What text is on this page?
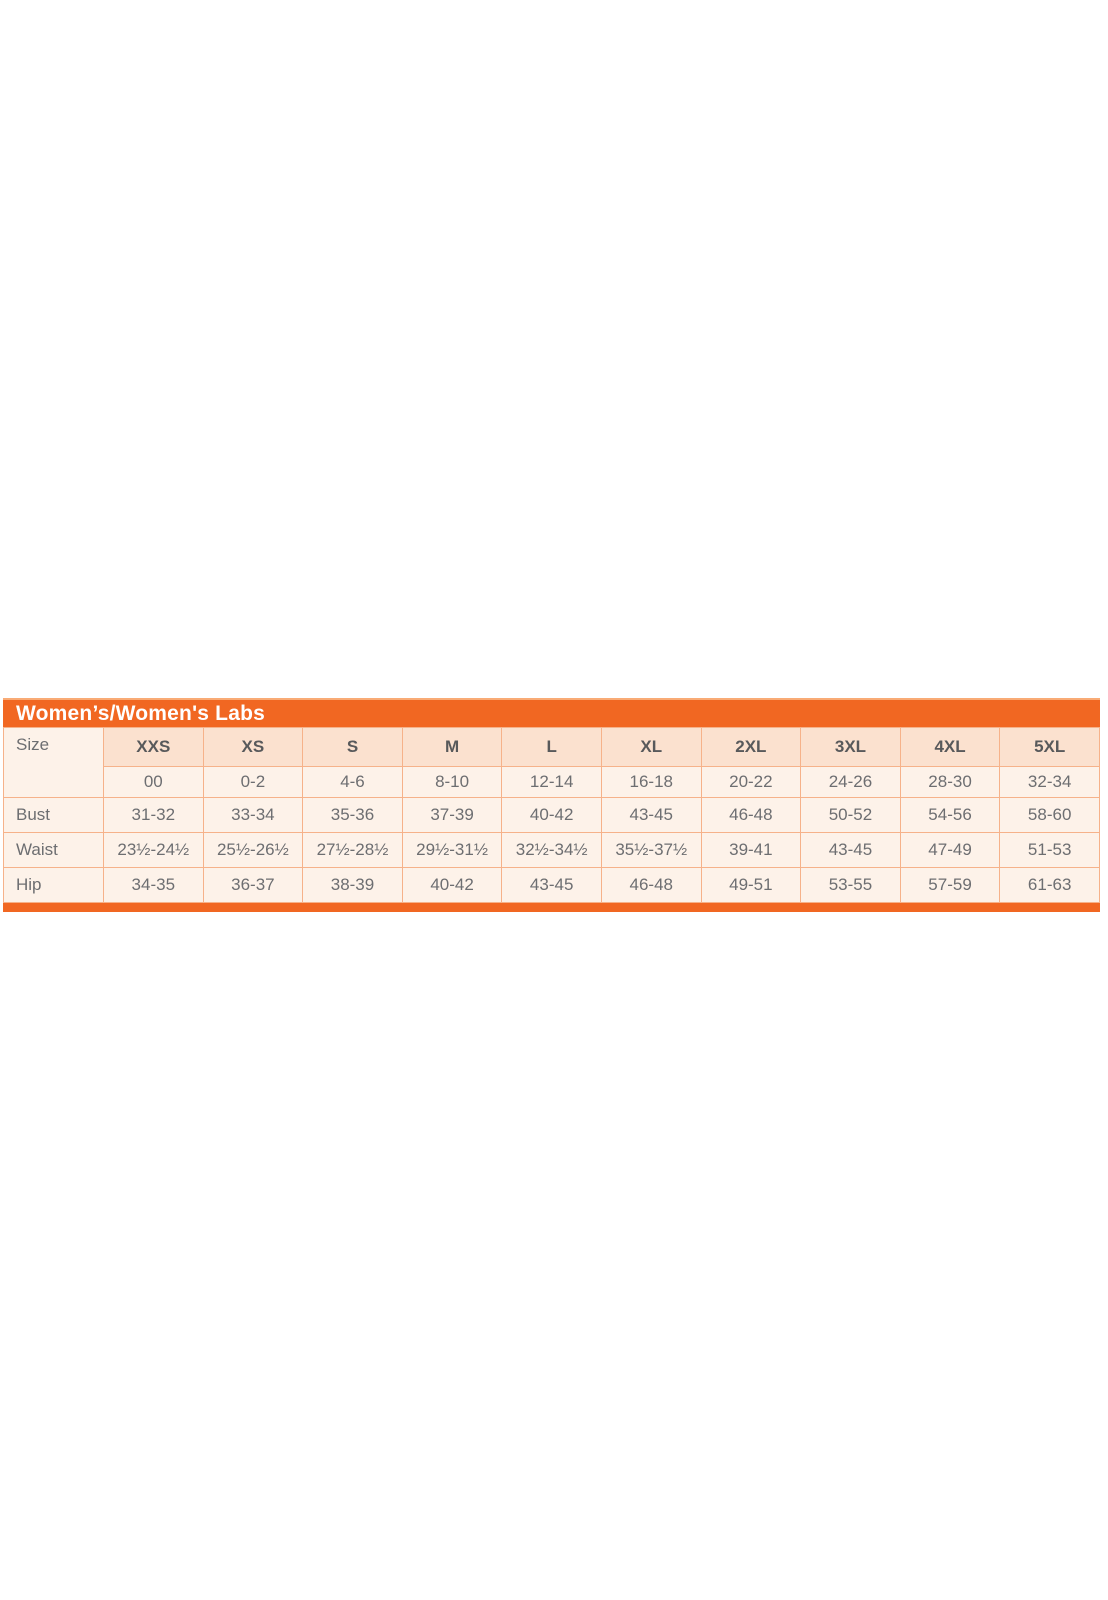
Women’s/Women's Labs
Size	XXS	XS	S	M	L	XL	2XL	3XL	4XL	5XL
	00	0-2	4-6	8-10	12-14	16-18	20-22	24-26	28-30	32-34
Bust	31-32	33-34	35-36	37-39	40-42	43-45	46-48	50-52	54-56	58-60
Waist	23½-24½	25½-26½	27½-28½	29½-31½	32½-34½	35½-37½	39-41	43-45	47-49	51-53
Hip	34-35	36-37	38-39	40-42	43-45	46-48	49-51	53-55	57-59	61-63
